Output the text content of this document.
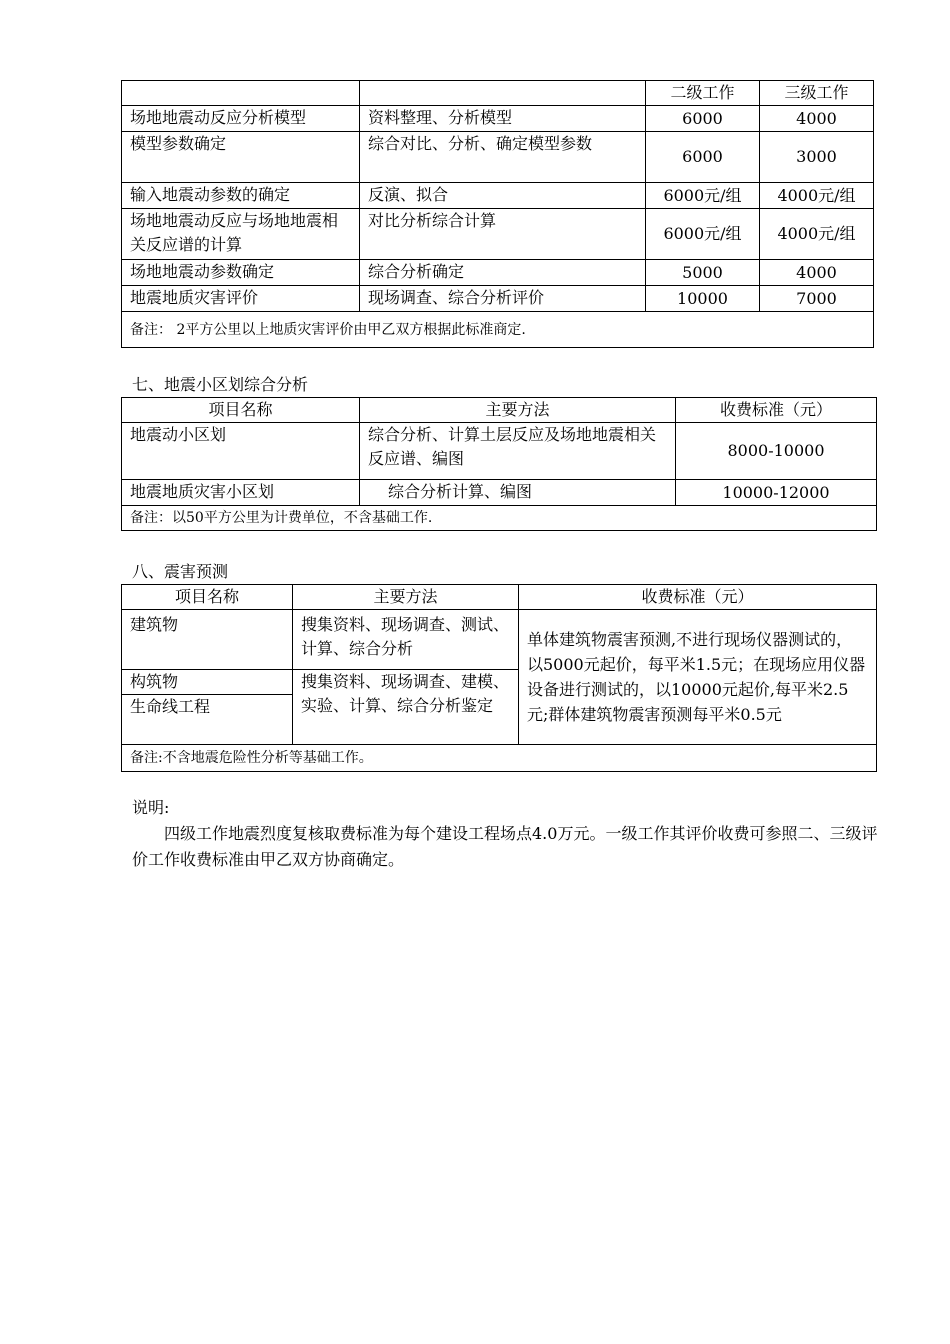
		二级工作	三级工作
场地地震动反应分析模型	资料整理、分析模型	6000	4000
模型参数确定	综合对比、分析、确定模型参数	6000	3000
输入地震动参数的确定	反演、拟合	6000元/组	4000元/组
场地地震动反应与场地地震相关反应谱的计算	对比分析综合计算	6000元/组	4000元/组
场地地震动参数确定	综合分析确定	5000	4000
地震地质灾害评价	现场调查、综合分析评价	10000	7000
备注： 2平方公里以上地质灾害评价由甲乙双方根据此标准商定.			
七、地震小区划综合分析
项目名称	主要方法	收费标准（元）
地震动小区划	综合分析、计算土层反应及场地地震相关反应谱、编图	8000-10000
地震地质灾害小区划	综合分析计算、编图	10000-12000
备注：以50平方公里为计费单位，不含基础工作.		
八、震害预测
项目名称	主要方法	收费标准（元）
建筑物	搜集资料、现场调查、测试、计算、综合分析	单体建筑物震害预测,不进行现场仪器测试的，以5000元起价，每平米1.5元；在现场应用仪器设备进行测试的，以10000元起价,每平米2.5元;群体建筑物震害预测每平米0.5元
构筑物	搜集资料、现场调查、建模、实验、计算、综合分析鉴定	
生命线工程		
备注:不含地震危险性分析等基础工作。		
说明:
四级工作地震烈度复核取费标准为每个建设工程场点4.0万元。一级工作其评价收费可参照二、三级评价工作收费标准由甲乙双方协商确定。
